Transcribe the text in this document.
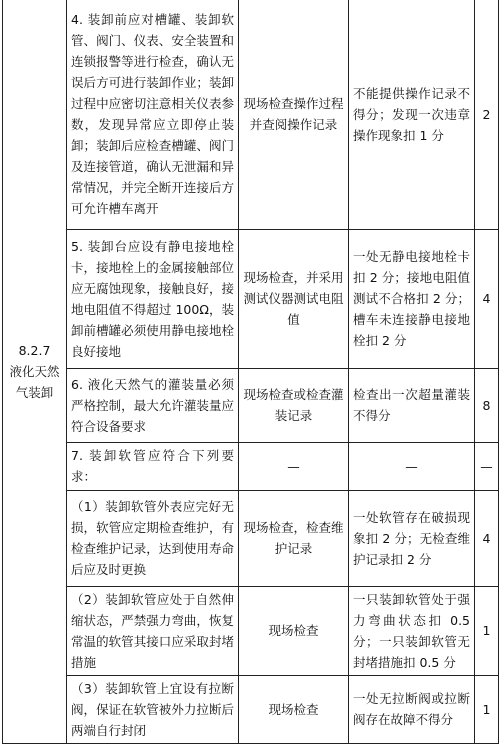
8.2.7
液化天然
气装卸	4. 装卸前应对槽罐、装卸软管、阀门、仪表、安全装置和连锁报警等进行检查，确认无误后方可进行装卸作业；装卸过程中应密切注意相关仪表参数，发现异常应立即停止装卸；装卸后应检查槽罐、阀门及连接管道，确认无泄漏和异常情况，并完全断开连接后方可允许槽车离开	现场检查操作过程并查阅操作记录	不能提供操作记录不得分；发现一次违章操作现象扣 1 分	2
	5. 装卸台应设有静电接地栓卡，接地栓上的金属接触部位应无腐蚀现象，接触良好，接地电阻值不得超过 100Ω，装卸前槽罐必须使用静电接地栓良好接地	现场检查，并采用测试仪器测试电阻值	一处无静电接地栓卡扣 2 分；接地电阻值测试不合格扣 2 分；槽车未连接静电接地栓扣 2 分	4
	6. 液化天然气的灌装量必须严格控制，最大允许灌装量应符合设备要求	现场检查或检查灌装记录	检查出一次超量灌装不得分	8
	7. 装卸软管应符合下列要求：	—	—	—
	（1）装卸软管外表应完好无损，软管应定期检查维护，有检查维护记录，达到使用寿命后应及时更换	现场检查，检查维护记录	一处软管存在破损现象扣 2 分；无检查维护记录扣 2 分	4
	（2）装卸软管应处于自然伸缩状态，严禁强力弯曲，恢复常温的软管其接口应采取封堵措施	现场检查	一只装卸软管处于强力弯曲状态扣 0.5 分；一只装卸软管无封堵措施扣 0.5 分	1
	（3）装卸软管上宜设有拉断阀，保证在软管被外力拉断后两端自行封闭	现场检查	一处无拉断阀或拉断阀存在故障不得分	1
